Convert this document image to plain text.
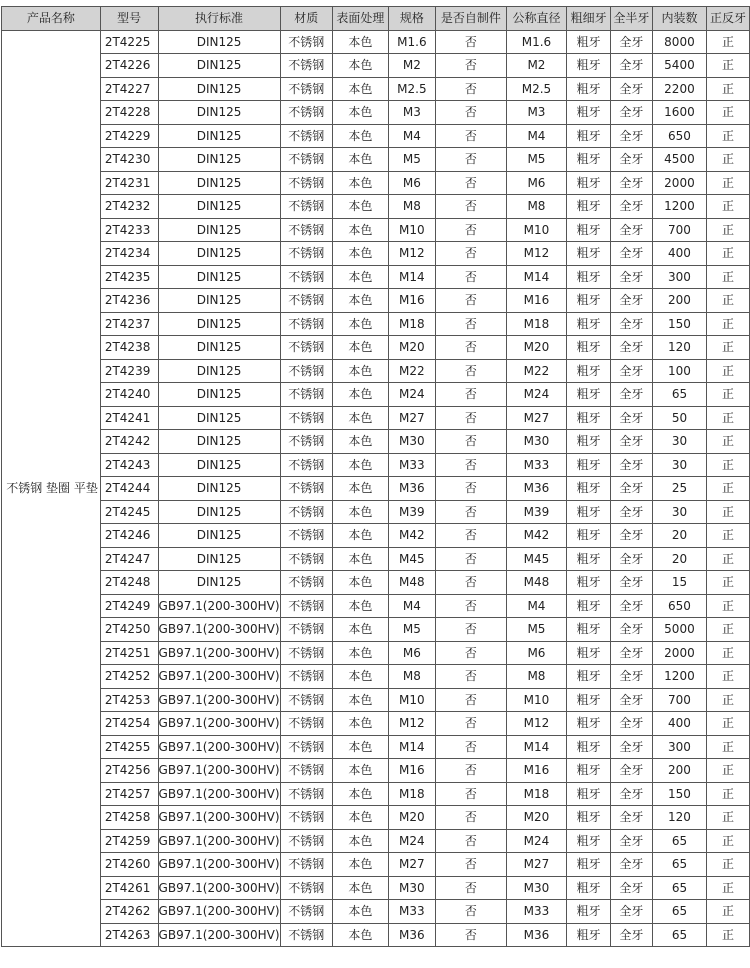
产品名称	型号	执行标准	材质	表面处理	规格	是否自制件	公称直径	粗细牙	全半牙	内装数	正反牙
不锈钢 垫圈 平垫	2T4225	DIN125	不锈钢	本色	M1.6	否	M1.6	粗牙	全牙	8000	正
	2T4226	DIN125	不锈钢	本色	M2	否	M2	粗牙	全牙	5400	正
	2T4227	DIN125	不锈钢	本色	M2.5	否	M2.5	粗牙	全牙	2200	正
	2T4228	DIN125	不锈钢	本色	M3	否	M3	粗牙	全牙	1600	正
	2T4229	DIN125	不锈钢	本色	M4	否	M4	粗牙	全牙	650	正
	2T4230	DIN125	不锈钢	本色	M5	否	M5	粗牙	全牙	4500	正
	2T4231	DIN125	不锈钢	本色	M6	否	M6	粗牙	全牙	2000	正
	2T4232	DIN125	不锈钢	本色	M8	否	M8	粗牙	全牙	1200	正
	2T4233	DIN125	不锈钢	本色	M10	否	M10	粗牙	全牙	700	正
	2T4234	DIN125	不锈钢	本色	M12	否	M12	粗牙	全牙	400	正
	2T4235	DIN125	不锈钢	本色	M14	否	M14	粗牙	全牙	300	正
	2T4236	DIN125	不锈钢	本色	M16	否	M16	粗牙	全牙	200	正
	2T4237	DIN125	不锈钢	本色	M18	否	M18	粗牙	全牙	150	正
	2T4238	DIN125	不锈钢	本色	M20	否	M20	粗牙	全牙	120	正
	2T4239	DIN125	不锈钢	本色	M22	否	M22	粗牙	全牙	100	正
	2T4240	DIN125	不锈钢	本色	M24	否	M24	粗牙	全牙	65	正
	2T4241	DIN125	不锈钢	本色	M27	否	M27	粗牙	全牙	50	正
	2T4242	DIN125	不锈钢	本色	M30	否	M30	粗牙	全牙	30	正
	2T4243	DIN125	不锈钢	本色	M33	否	M33	粗牙	全牙	30	正
	2T4244	DIN125	不锈钢	本色	M36	否	M36	粗牙	全牙	25	正
	2T4245	DIN125	不锈钢	本色	M39	否	M39	粗牙	全牙	30	正
	2T4246	DIN125	不锈钢	本色	M42	否	M42	粗牙	全牙	20	正
	2T4247	DIN125	不锈钢	本色	M45	否	M45	粗牙	全牙	20	正
	2T4248	DIN125	不锈钢	本色	M48	否	M48	粗牙	全牙	15	正
	2T4249	GB97.1(200-300HV)	不锈钢	本色	M4	否	M4	粗牙	全牙	650	正
	2T4250	GB97.1(200-300HV)	不锈钢	本色	M5	否	M5	粗牙	全牙	5000	正
	2T4251	GB97.1(200-300HV)	不锈钢	本色	M6	否	M6	粗牙	全牙	2000	正
	2T4252	GB97.1(200-300HV)	不锈钢	本色	M8	否	M8	粗牙	全牙	1200	正
	2T4253	GB97.1(200-300HV)	不锈钢	本色	M10	否	M10	粗牙	全牙	700	正
	2T4254	GB97.1(200-300HV)	不锈钢	本色	M12	否	M12	粗牙	全牙	400	正
	2T4255	GB97.1(200-300HV)	不锈钢	本色	M14	否	M14	粗牙	全牙	300	正
	2T4256	GB97.1(200-300HV)	不锈钢	本色	M16	否	M16	粗牙	全牙	200	正
	2T4257	GB97.1(200-300HV)	不锈钢	本色	M18	否	M18	粗牙	全牙	150	正
	2T4258	GB97.1(200-300HV)	不锈钢	本色	M20	否	M20	粗牙	全牙	120	正
	2T4259	GB97.1(200-300HV)	不锈钢	本色	M24	否	M24	粗牙	全牙	65	正
	2T4260	GB97.1(200-300HV)	不锈钢	本色	M27	否	M27	粗牙	全牙	65	正
	2T4261	GB97.1(200-300HV)	不锈钢	本色	M30	否	M30	粗牙	全牙	65	正
	2T4262	GB97.1(200-300HV)	不锈钢	本色	M33	否	M33	粗牙	全牙	65	正
	2T4263	GB97.1(200-300HV)	不锈钢	本色	M36	否	M36	粗牙	全牙	65	正
